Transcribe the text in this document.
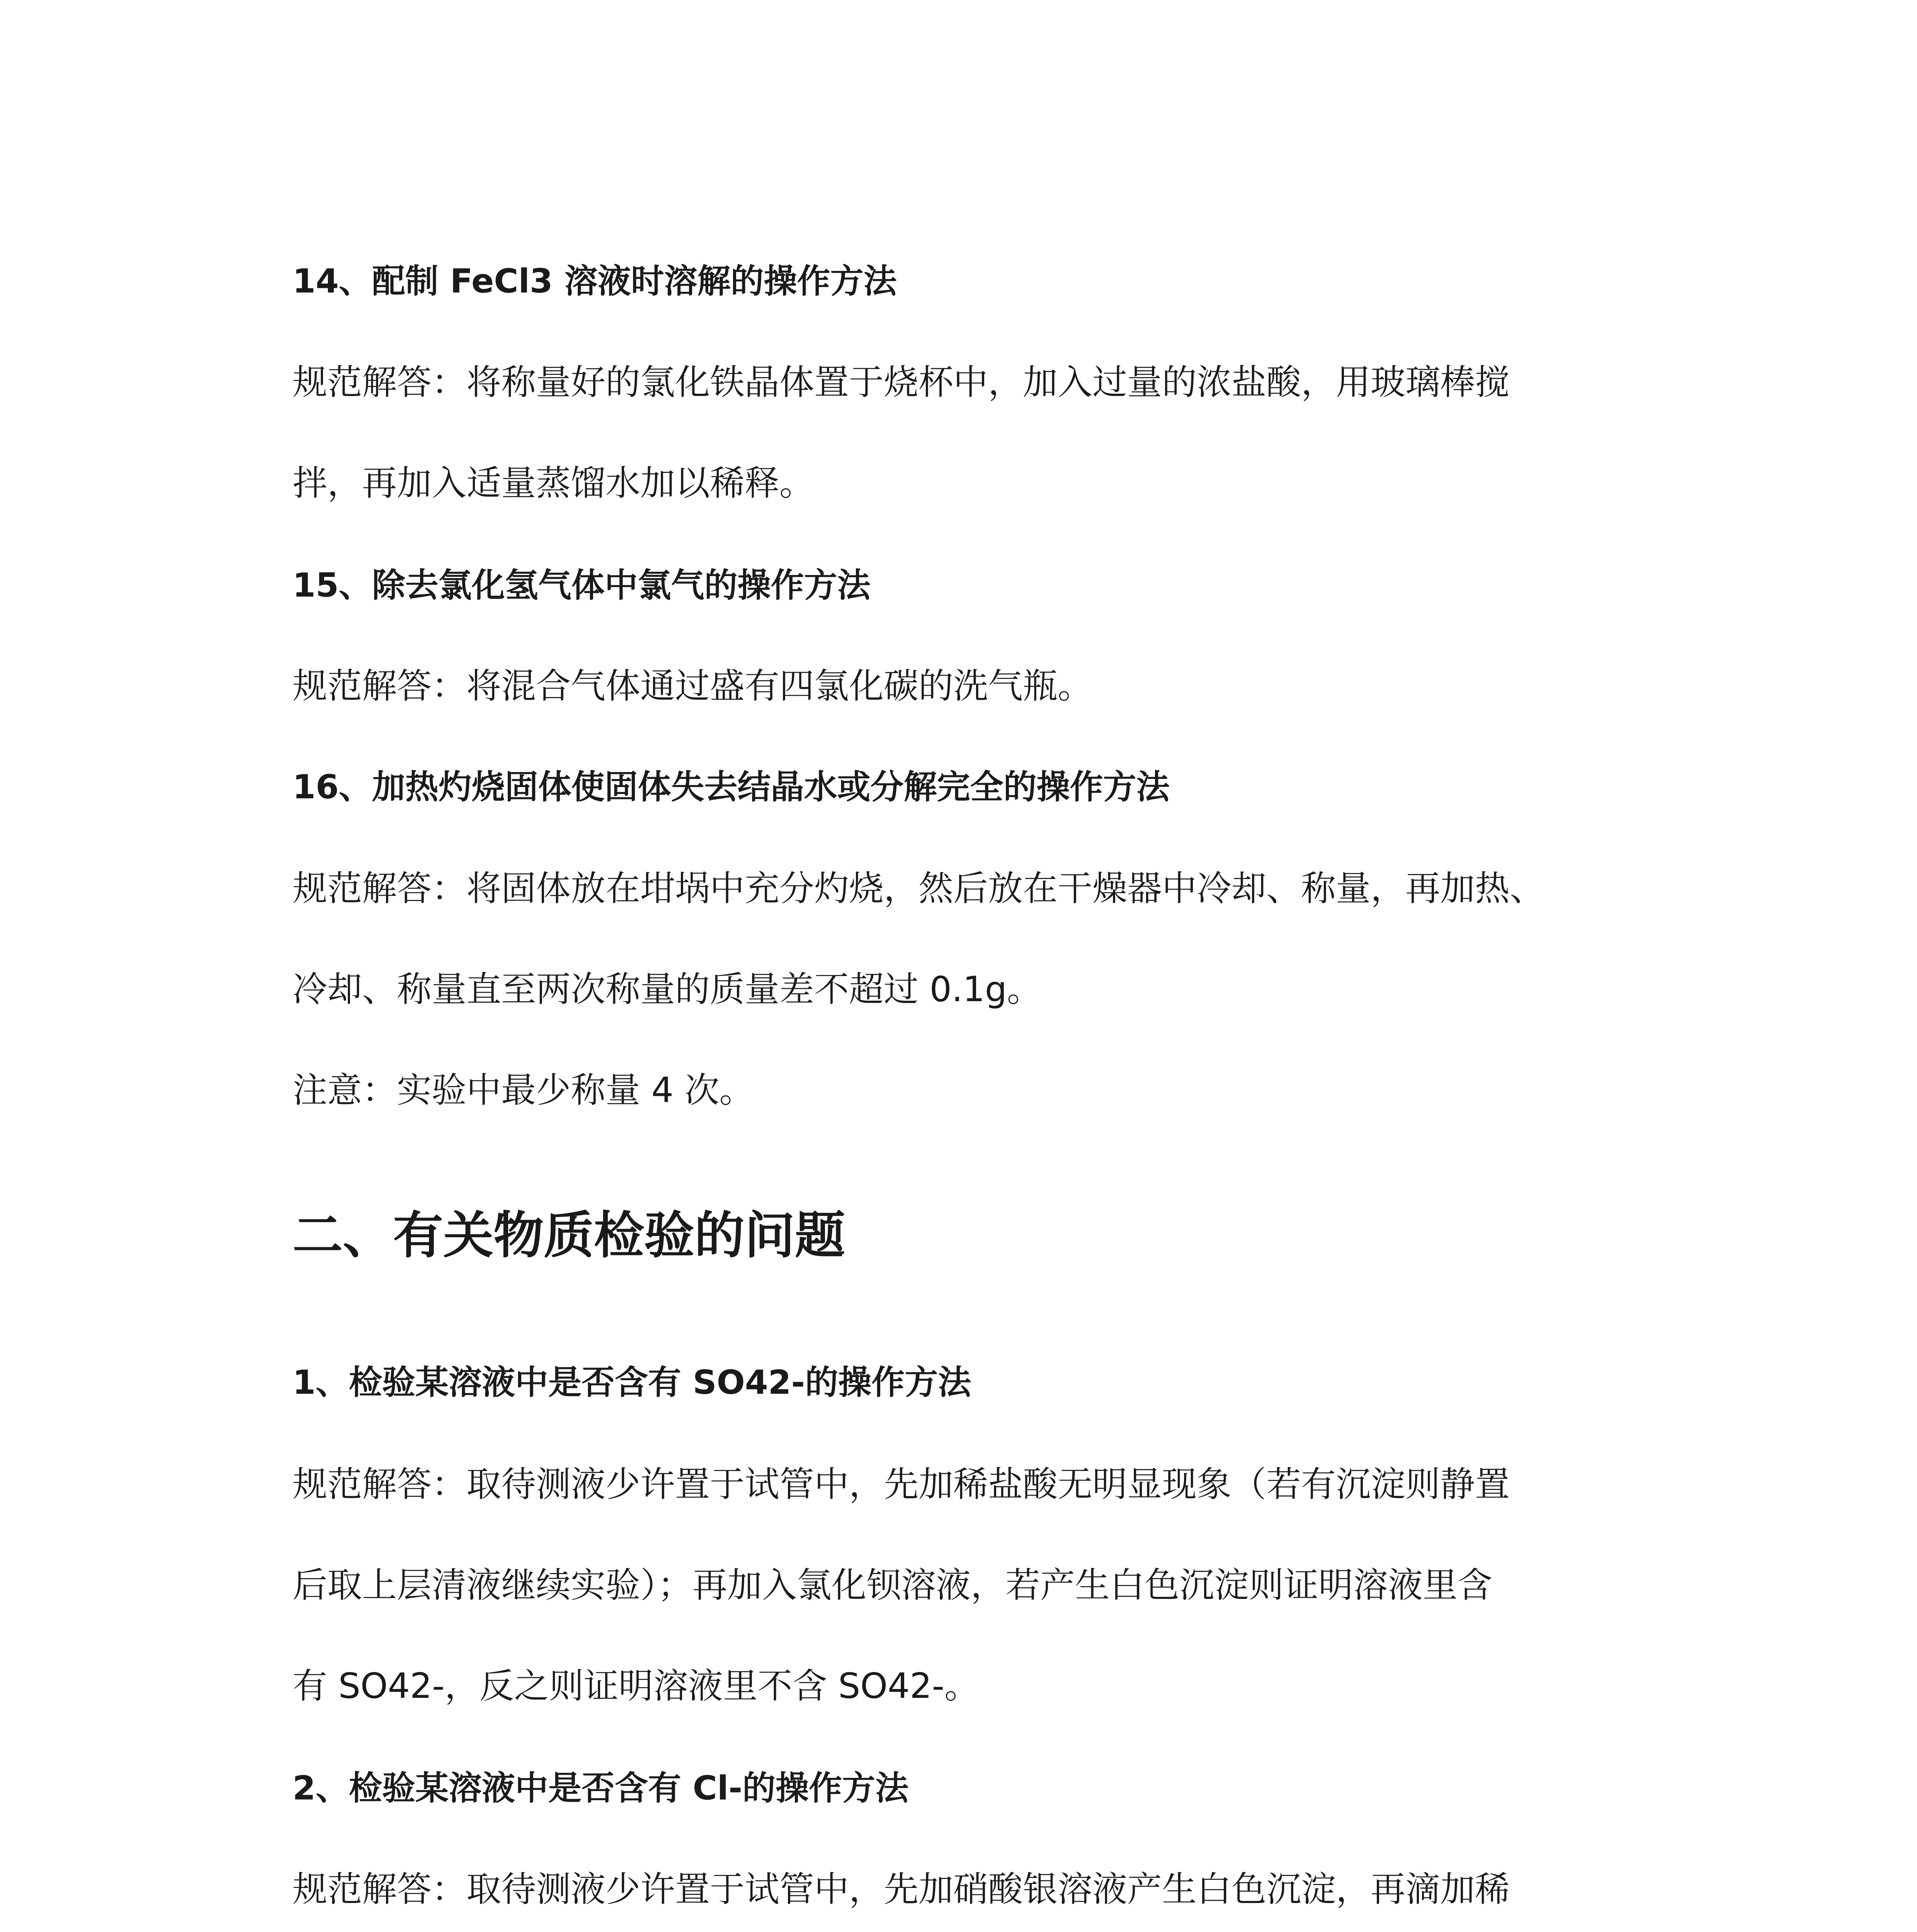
14、配制 FeCl3 溶液时溶解的操作方法
规范解答：将称量好的氯化铁晶体置于烧杯中，加入过量的浓盐酸，用玻璃棒搅
拌，再加入适量蒸馏水加以稀释。
15、除去氯化氢气体中氯气的操作方法
规范解答：将混合气体通过盛有四氯化碳的洗气瓶。
16、加热灼烧固体使固体失去结晶水或分解完全的操作方法
规范解答：将固体放在坩埚中充分灼烧，然后放在干燥器中冷却、称量，再加热、
冷却、称量直至两次称量的质量差不超过 0.1g。
注意：实验中最少称量 4 次。
二、有关物质检验的问题
1、检验某溶液中是否含有 SO42-的操作方法
规范解答：取待测液少许置于试管中，先加稀盐酸无明显现象（若有沉淀则静置
后取上层清液继续实验）；再加入氯化钡溶液，若产生白色沉淀则证明溶液里含
有 SO42-，反之则证明溶液里不含 SO42-。
2、检验某溶液中是否含有 Cl-的操作方法
规范解答：取待测液少许置于试管中，先加硝酸银溶液产生白色沉淀，再滴加稀
